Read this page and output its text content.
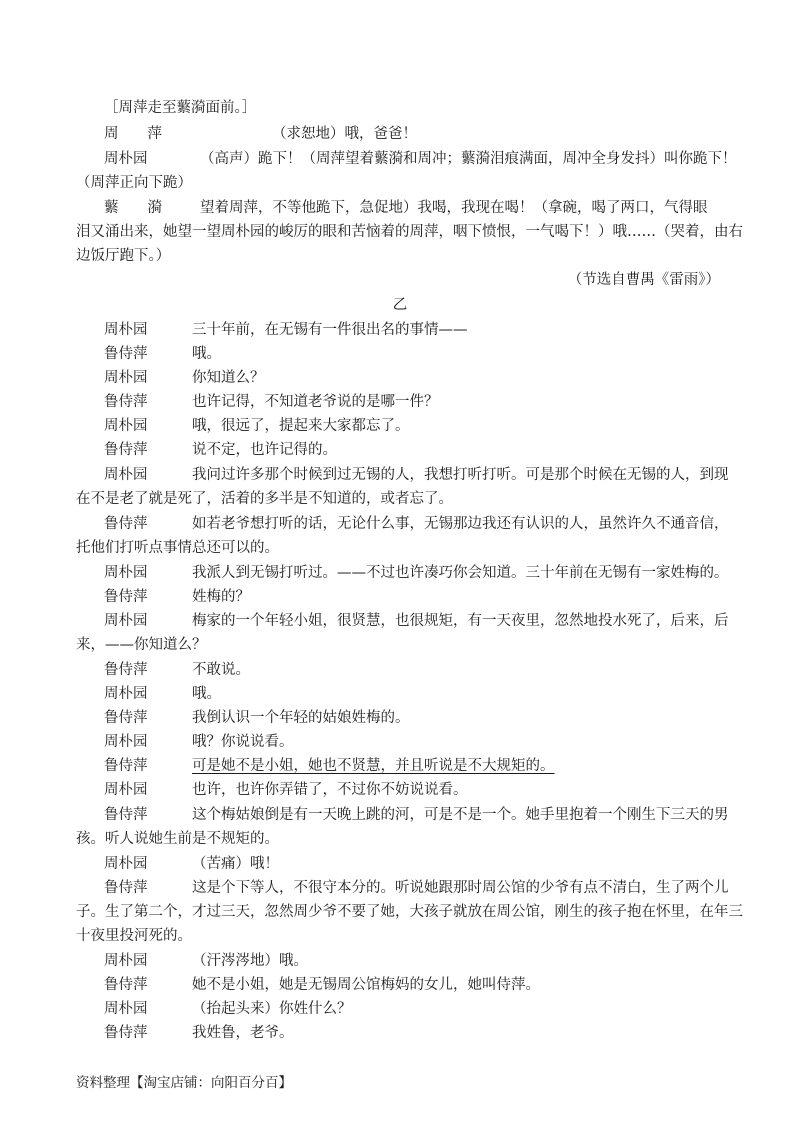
［周萍走至蘩漪面前。］
周　　萍	（求恕地）哦，爸爸！
周朴园	（高声）跪下！（周萍望着蘩漪和周冲；蘩漪泪痕满面，周冲全身发抖）叫你跪下！
（周萍正向下跪）
蘩　　漪	望着周萍，不等他跪下，急促地）我喝，我现在喝！（拿碗，喝了两口，气得眼
泪又涌出来，她望一望周朴园的峻厉的眼和苦恼着的周萍，咽下愤恨，一气喝下！）哦……（哭着，由右
边饭厅跑下。）
（节选自曹禺《雷雨》）
乙
周朴园	三十年前，在无锡有一件很出名的事情——
鲁侍萍	哦。
周朴园	你知道么？
鲁侍萍	也许记得，不知道老爷说的是哪一件？
周朴园	哦，很远了，提起来大家都忘了。
鲁侍萍	说不定，也许记得的。
周朴园	我问过许多那个时候到过无锡的人，我想打听打听。可是那个时候在无锡的人，到现
在不是老了就是死了，活着的多半是不知道的，或者忘了。
鲁侍萍	如若老爷想打听的话，无论什么事，无锡那边我还有认识的人，虽然许久不通音信，
托他们打听点事情总还可以的。
周朴园	我派人到无锡打听过。——不过也许凑巧你会知道。三十年前在无锡有一家姓梅的。
鲁侍萍	姓梅的？
周朴园	梅家的一个年轻小姐，很贤慧，也很规矩，有一天夜里，忽然地投水死了，后来，后
来，——你知道么？
鲁侍萍	不敢说。
周朴园	哦。
鲁侍萍	我倒认识一个年轻的姑娘姓梅的。
周朴园	哦？你说说看。
鲁侍萍	可是她不是小姐，她也不贤慧，并且听说是不大规矩的。
周朴园	也许，也许你弄错了，不过你不妨说说看。
鲁侍萍	这个梅姑娘倒是有一天晚上跳的河，可是不是一个。她手里抱着一个刚生下三天的男
孩。听人说她生前是不规矩的。
周朴园	（苦痛）哦！
鲁侍萍	这是个下等人，不很守本分的。听说她跟那时周公馆的少爷有点不清白，生了两个儿
子。生了第二个，才过三天，忽然周少爷不要了她，大孩子就放在周公馆，刚生的孩子抱在怀里，在年三
十夜里投河死的。
周朴园	（汗涔涔地）哦。
鲁侍萍	她不是小姐，她是无锡周公馆梅妈的女儿，她叫侍萍。
周朴园	（抬起头来）你姓什么？
鲁侍萍	我姓鲁，老爷。
资料整理【淘宝店铺：向阳百分百】
